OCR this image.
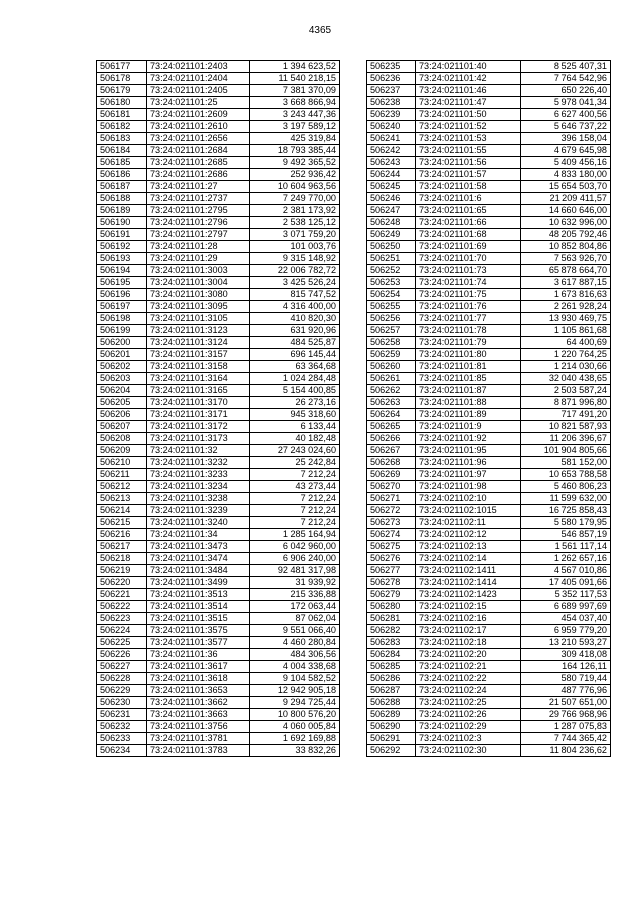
4365
506177	73:24:021101:2403	1 394 623,52
506178	73:24:021101:2404	11 540 218,15
506179	73:24:021101:2405	7 381 370,09
506180	73:24:021101:25	3 668 866,94
506181	73:24:021101:2609	3 243 447,36
506182	73:24:021101:2610	3 197 589,12
506183	73:24:021101:2656	425 319,84
506184	73:24:021101:2684	18 793 385,44
506185	73:24:021101:2685	9 492 365,52
506186	73:24:021101:2686	252 936,42
506187	73:24:021101:27	10 604 963,56
506188	73:24:021101:2737	7 249 770,00
506189	73:24:021101:2795	2 381 173,92
506190	73:24:021101:2796	2 538 125,12
506191	73:24:021101:2797	3 071 759,20
506192	73:24:021101:28	101 003,76
506193	73:24:021101:29	9 315 148,92
506194	73:24:021101:3003	22 006 782,72
506195	73:24:021101:3004	3 425 526,24
506196	73:24:021101:3080	815 747,52
506197	73:24:021101:3095	4 316 400,00
506198	73:24:021101:3105	410 820,30
506199	73:24:021101:3123	631 920,96
506200	73:24:021101:3124	484 525,87
506201	73:24:021101:3157	696 145,44
506202	73:24:021101:3158	63 364,68
506203	73:24:021101:3164	1 024 284,48
506204	73:24:021101:3165	5 154 400,85
506205	73:24:021101:3170	26 273,16
506206	73:24:021101:3171	945 318,60
506207	73:24:021101:3172	6 133,44
506208	73:24:021101:3173	40 182,48
506209	73:24:021101:32	27 243 024,60
506210	73:24:021101:3232	25 242,84
506211	73:24:021101:3233	7 212,24
506212	73:24:021101:3234	43 273,44
506213	73:24:021101:3238	7 212,24
506214	73:24:021101:3239	7 212,24
506215	73:24:021101:3240	7 212,24
506216	73:24:021101:34	1 285 164,94
506217	73:24:021101:3473	6 042 960,00
506218	73:24:021101:3474	6 906 240,00
506219	73:24:021101:3484	92 481 317,98
506220	73:24:021101:3499	31 939,92
506221	73:24:021101:3513	215 336,88
506222	73:24:021101:3514	172 063,44
506223	73:24:021101:3515	87 062,04
506224	73:24:021101:3575	9 551 066,40
506225	73:24:021101:3577	4 460 280,84
506226	73:24:021101:36	484 306,56
506227	73:24:021101:3617	4 004 338,68
506228	73:24:021101:3618	9 104 582,52
506229	73:24:021101:3653	12 942 905,18
506230	73:24:021101:3662	9 294 725,44
506231	73:24:021101:3663	10 800 576,20
506232	73:24:021101:3756	4 060 005,84
506233	73:24:021101:3781	1 692 169,88
506234	73:24:021101:3783	33 832,26
506235	73:24:021101:40	8 525 407,31
506236	73:24:021101:42	7 764 542,96
506237	73:24:021101:46	650 226,40
506238	73:24:021101:47	5 978 041,34
506239	73:24:021101:50	6 627 400,56
506240	73:24:021101:52	5 646 737,22
506241	73:24:021101:53	396 158,04
506242	73:24:021101:55	4 679 645,98
506243	73:24:021101:56	5 409 456,16
506244	73:24:021101:57	4 833 180,00
506245	73:24:021101:58	15 654 503,70
506246	73:24:021101:6	21 209 411,57
506247	73:24:021101:65	14 660 646,00
506248	73:24:021101:66	10 632 996,00
506249	73:24:021101:68	48 205 792,46
506250	73:24:021101:69	10 852 804,86
506251	73:24:021101:70	7 563 926,70
506252	73:24:021101:73	65 878 664,70
506253	73:24:021101:74	3 617 887,15
506254	73:24:021101:75	1 673 816,63
506255	73:24:021101:76	2 261 928,24
506256	73:24:021101:77	13 930 469,75
506257	73:24:021101:78	1 105 861,68
506258	73:24:021101:79	64 400,69
506259	73:24:021101:80	1 220 764,25
506260	73:24:021101:81	1 214 030,66
506261	73:24:021101:85	32 040 438,65
506262	73:24:021101:87	2 503 587,24
506263	73:24:021101:88	8 871 996,80
506264	73:24:021101:89	717 491,20
506265	73:24:021101:9	10 821 587,93
506266	73:24:021101:92	11 206 396,67
506267	73:24:021101:95	101 904 805,66
506268	73:24:021101:96	581 152,00
506269	73:24:021101:97	10 653 788,58
506270	73:24:021101:98	5 460 806,23
506271	73:24:021102:10	11 599 632,00
506272	73:24:021102:1015	16 725 858,43
506273	73:24:021102:11	5 580 179,95
506274	73:24:021102:12	546 857,19
506275	73:24:021102:13	1 561 117,14
506276	73:24:021102:14	1 262 657,16
506277	73:24:021102:1411	4 567 010,86
506278	73:24:021102:1414	17 405 091,66
506279	73:24:021102:1423	5 352 117,53
506280	73:24:021102:15	6 689 997,69
506281	73:24:021102:16	454 037,40
506282	73:24:021102:17	6 959 779,20
506283	73:24:021102:18	13 210 593,27
506284	73:24:021102:20	309 418,08
506285	73:24:021102:21	164 126,11
506286	73:24:021102:22	580 719,44
506287	73:24:021102:24	487 776,96
506288	73:24:021102:25	21 507 651,00
506289	73:24:021102:26	29 766 968,96
506290	73:24:021102:29	1 287 075,83
506291	73:24:021102:3	7 744 365,42
506292	73:24:021102:30	11 804 236,62
